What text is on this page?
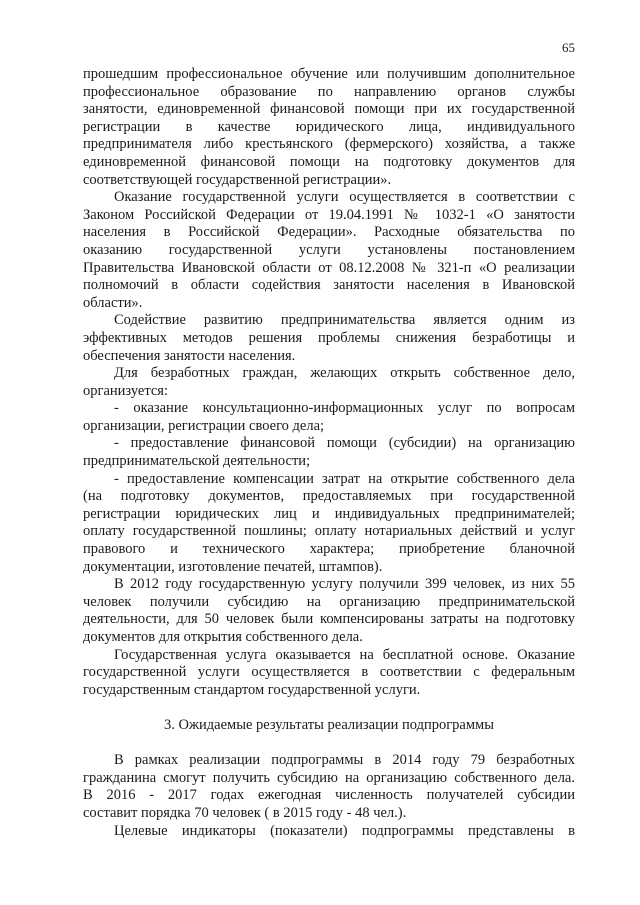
65
прошедшим профессиональное обучение или получившим дополнительное
профессиональное образование по направлению органов службы
занятости, единовременной финансовой помощи при их государственной
регистрации в качестве юридического лица, индивидуального
предпринимателя либо крестьянского (фермерского) хозяйства, а также
единовременной финансовой помощи на подготовку документов для
соответствующей государственной регистрации».
Оказание государственной услуги осуществляется в соответствии с
Законом Российской Федерации от 19.04.1991 № 1032-1 «О занятости
населения в Российской Федерации». Расходные обязательства по
оказанию государственной услуги установлены постановлением
Правительства Ивановской области от 08.12.2008 № 321-п «О реализации
полномочий в области содействия занятости населения в Ивановской
области».
Содействие развитию предпринимательства является одним из
эффективных методов решения проблемы снижения безработицы и
обеспечения занятости населения.
Для безработных граждан, желающих открыть собственное дело,
организуется:
- оказание консультационно-информационных услуг по вопросам
организации, регистрации своего дела;
- предоставление финансовой помощи (субсидии) на организацию
предпринимательской деятельности;
- предоставление компенсации затрат на открытие собственного дела
(на подготовку документов, предоставляемых при государственной
регистрации юридических лиц и индивидуальных предпринимателей;
оплату государственной пошлины; оплату нотариальных действий и услуг
правового и технического характера; приобретение бланочной
документации, изготовление печатей, штампов).
В 2012 году государственную услугу получили 399 человек, из них 55
человек получили субсидию на организацию предпринимательской
деятельности, для 50 человек были компенсированы затраты на подготовку
документов для открытия собственного дела.
Государственная услуга оказывается на бесплатной основе. Оказание
государственной услуги осуществляется в соответствии с федеральным
государственным стандартом государственной услуги.
3. Ожидаемые результаты реализации подпрограммы
В рамках реализации подпрограммы в 2014 году 79 безработных
гражданина смогут получить субсидию на организацию собственного дела.
В 2016 - 2017 годах ежегодная численность получателей субсидии
составит порядка 70 человек ( в 2015 году - 48 чел.).
Целевые индикаторы (показатели) подпрограммы представлены в
